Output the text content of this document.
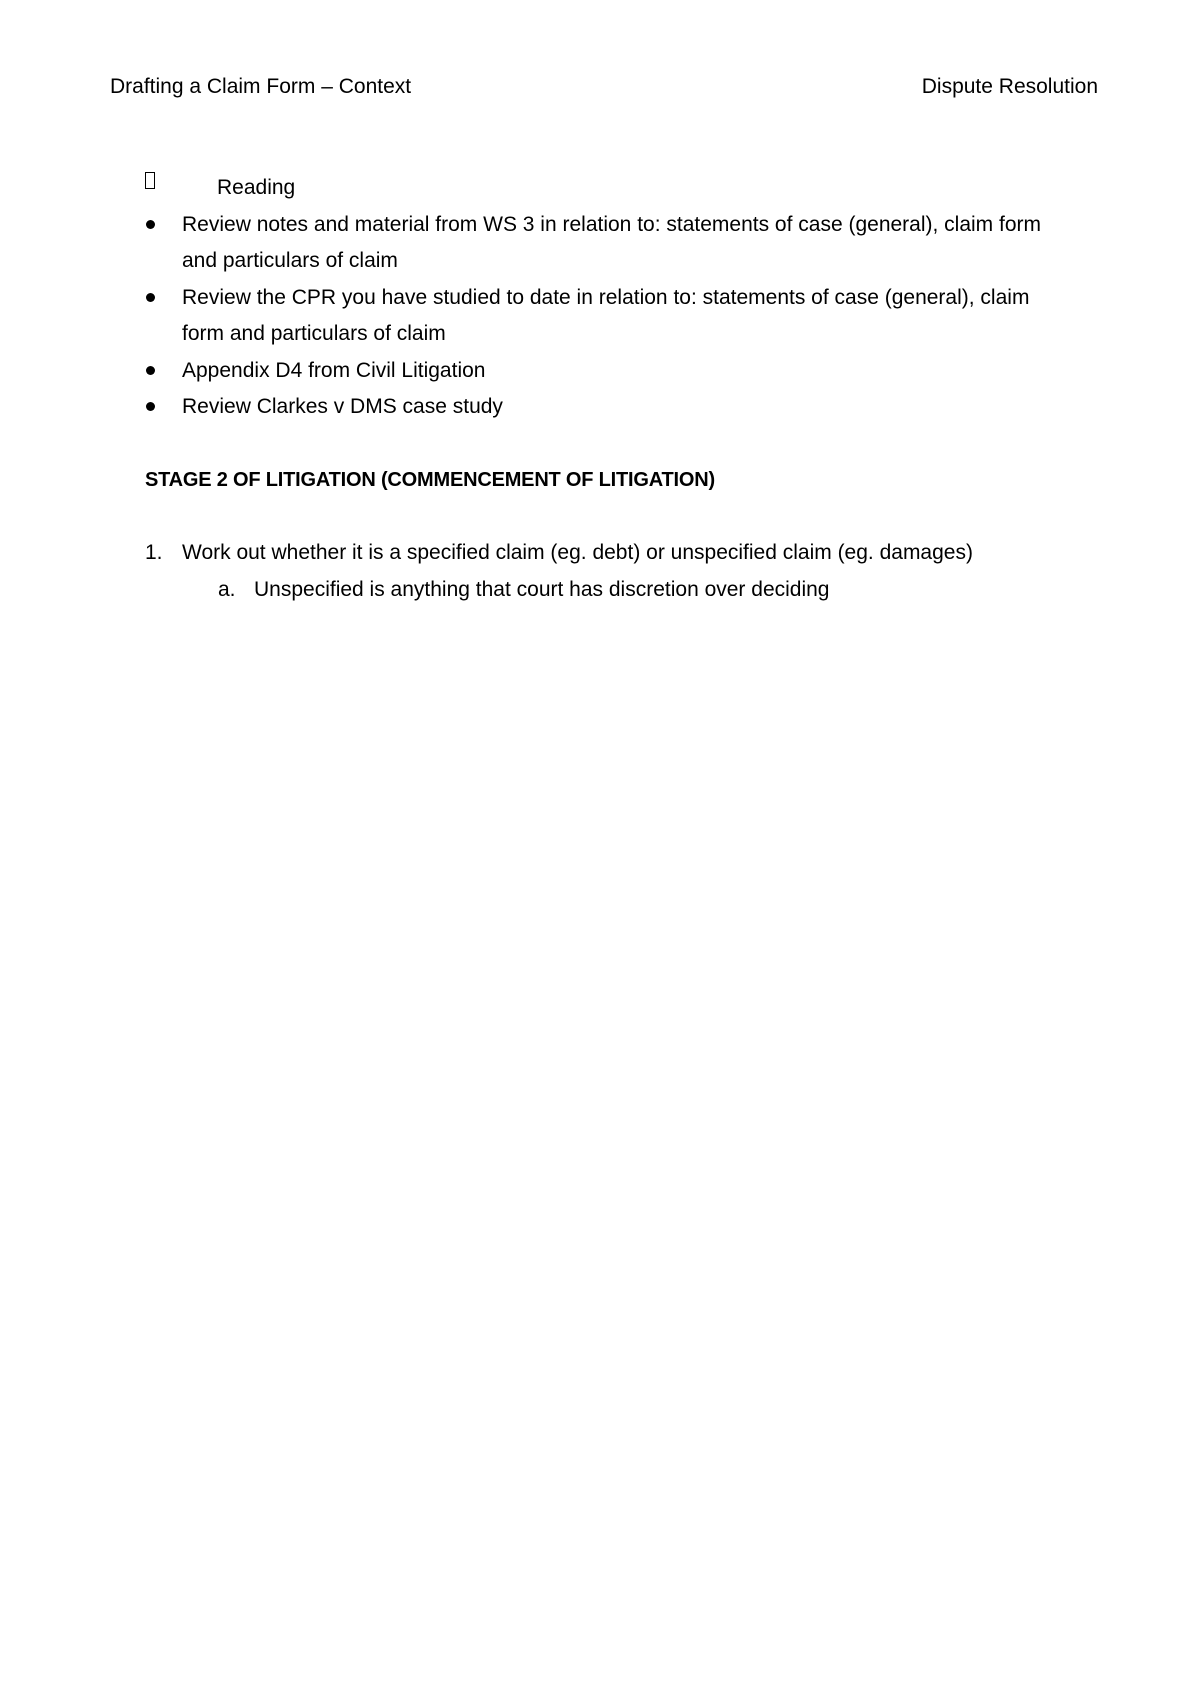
Drafting a Claim Form – Context	Dispute Resolution
Reading
Review notes and material from WS 3 in relation to: statements of case (general), claim form and particulars of claim
Review the CPR you have studied to date in relation to: statements of case (general), claim form and particulars of claim
Appendix D4 from Civil Litigation
Review Clarkes v DMS case study
STAGE 2 OF LITIGATION (COMMENCEMENT OF LITIGATION)
1. Work out whether it is a specified claim (eg. debt) or unspecified claim (eg. damages)
a. Unspecified is anything that court has discretion over deciding
